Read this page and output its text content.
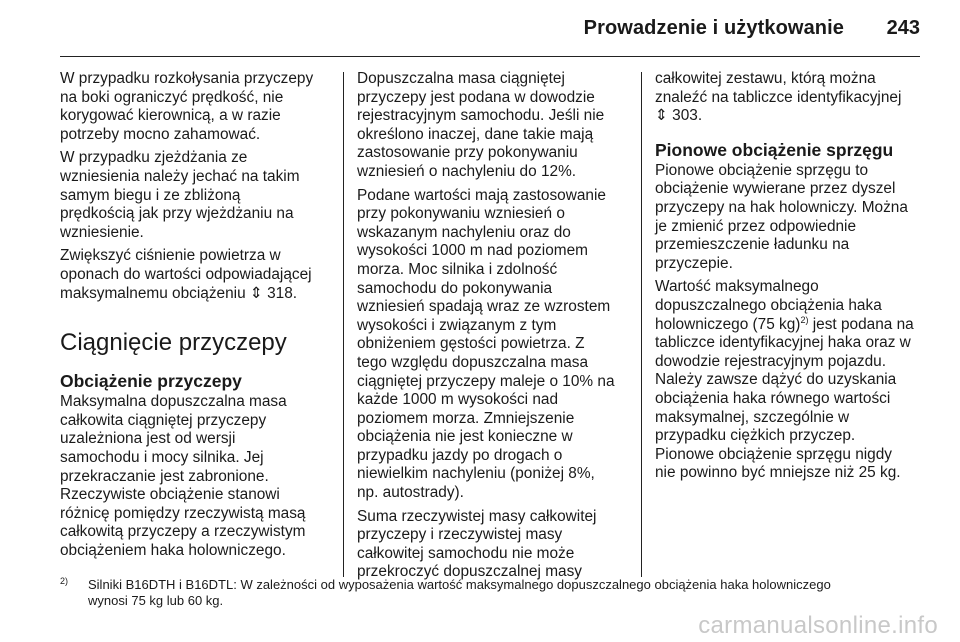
Prowadzenie i użytkowanie 243

W przypadku rozkołysania przyczepy
na boki ograniczyć prędkość, nie
korygować kierownicą, a w razie
potrzeby mocno zahamować.

W przypadku zjeżdżania ze
wzniesienia należy jechać na takim
samym biegu i ze zbliżoną
prędkością jak przy wjeżdżaniu na
wzniesienie.

Zwiększyć ciśnienie powietrza w
oponach do wartości odpowiadającej
maksymalnemu obciążeniu ⇕ 318.

Ciągnięcie przyczepy
Obciążenie przyczepy

Maksymalna dopuszczalna masa
całkowita ciągniętej przyczepy
uzależniona jest od wersji
samochodu i mocy silnika. Jej
przekraczanie jest zabronione.
Rzeczywiste obciążenie stanowi
różnicę pomiędzy rzeczywistą masą
całkowitą przyczepy a rzeczywistym
obciążeniem haka holowniczego.

Dopuszczalna masa ciągniętej
przyczepy jest podana w dowodzie
rejestracyjnym samochodu. Jeśli nie
określono inaczej, dane takie mają
zastosowanie przy pokonywaniu
wzniesień o nachyleniu do 12%.

Podane wartości mają zastosowanie
przy pokonywaniu wzniesień o
wskazanym nachyleniu oraz do
wysokości 1000 m nad poziomem
morza. Moc silnika i zdolność
samochodu do pokonywania
wzniesień spadają wraz ze wzrostem
wysokości i związanym z tym
obniżeniem gęstości powietrza. Z
tego względu dopuszczalna masa
ciągniętej przyczepy maleje o 10% na
każde 1000 m wysokości nad
poziomem morza. Zmniejszenie
obciążenia nie jest konieczne w
przypadku jazdy po drogach o
niewielkim nachyleniu (poniżej 8%,
np. autostrady).

Suma rzeczywistej masy całkowitej
przyczepy i rzeczywistej masy
całkowitej samochodu nie może
przekroczyć dopuszczalnej masy

całkowitej zestawu, którą można
znaleźć na tabliczce identyfikacyjnej
⇕ 303.

Pionowe obciążenie sprzęgu

Pionowe obciążenie sprzęgu to
obciążenie wywierane przez dyszel
przyczepy na hak holowniczy. Można
je zmienić przez odpowiednie
przemieszczenie ładunku na
przyczepie.

Wartość maksymalnego
dopuszczalnego obciążenia haka
holowniczego (75 kg)$^{2)}$ jest podana na
tabliczce identyfikacyjnej haka oraz w
dowodzie rejestracyjnym pojazdu.
Należy zawsze dążyć do uzyskania
obciążenia haka równego wartości
maksymalnej, szczególnie w
przypadku ciężkich przyczep.
Pionowe obciążenie sprzęgu nigdy
nie powinno być mniejsze niż 25 kg.

2) Silniki B16DTH i B16DTL: W zależności od wyposażenia wartość maksymalnego dopuszczalnego obciążenia haka holowniczego
wynosi 75 kg lub 60 kg.
carmanualsonline.info
